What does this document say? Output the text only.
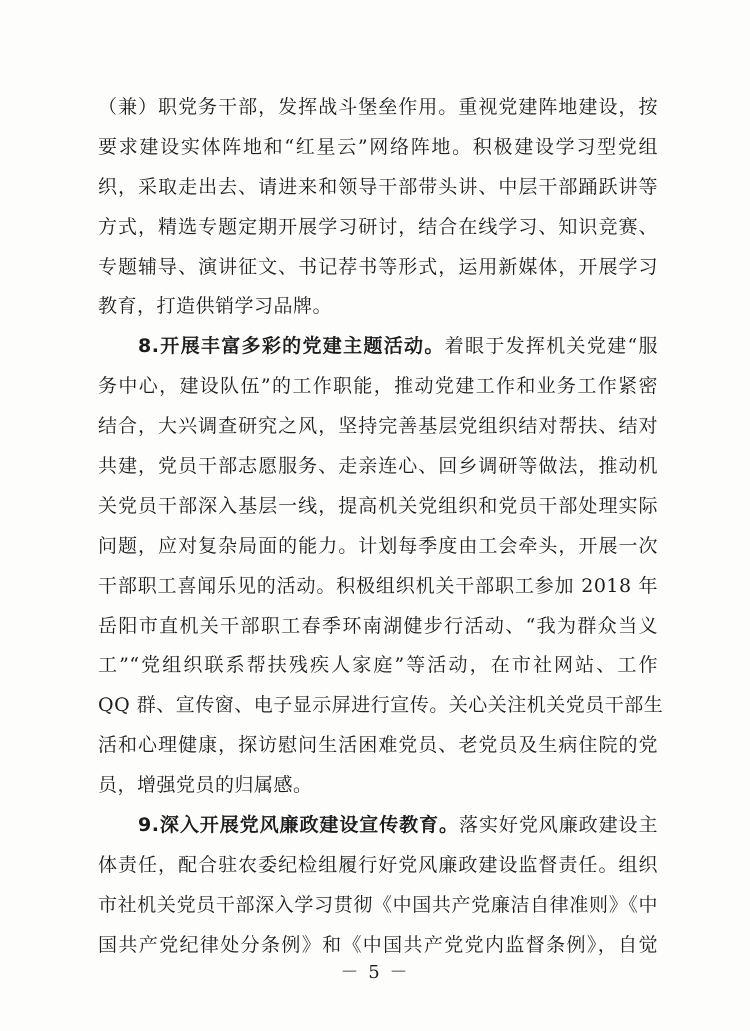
（兼）职党务干部，发挥战斗堡垒作用。重视党建阵地建设，按
要求建设实体阵地和“红星云”网络阵地。积极建设学习型党组
织，采取走出去、请进来和领导干部带头讲、中层干部踊跃讲等
方式，精选专题定期开展学习研讨，结合在线学习、知识竞赛、
专题辅导、演讲征文、书记荐书等形式，运用新媒体，开展学习
教育，打造供销学习品牌。
8.开展丰富多彩的党建主题活动。着眼于发挥机关党建“服
务中心，建设队伍”的工作职能，推动党建工作和业务工作紧密
结合，大兴调查研究之风，坚持完善基层党组织结对帮扶、结对
共建，党员干部志愿服务、走亲连心、回乡调研等做法，推动机
关党员干部深入基层一线，提高机关党组织和党员干部处理实际
问题，应对复杂局面的能力。计划每季度由工会牵头，开展一次
干部职工喜闻乐见的活动。积极组织机关干部职工参加 2018 年
岳阳市直机关干部职工春季环南湖健步行活动、“我为群众当义
工”“党组织联系帮扶残疾人家庭”等活动，在市社网站、工作
QQ 群、宣传窗、电子显示屏进行宣传。关心关注机关党员干部生
活和心理健康，探访慰问生活困难党员、老党员及生病住院的党
员，增强党员的归属感。
9.深入开展党风廉政建设宣传教育。落实好党风廉政建设主
体责任，配合驻农委纪检组履行好党风廉政建设监督责任。组织
市社机关党员干部深入学习贯彻《中国共产党廉洁自律准则》《中
国共产党纪律处分条例》和《中国共产党党内监督条例》，自觉
－ 5 －
